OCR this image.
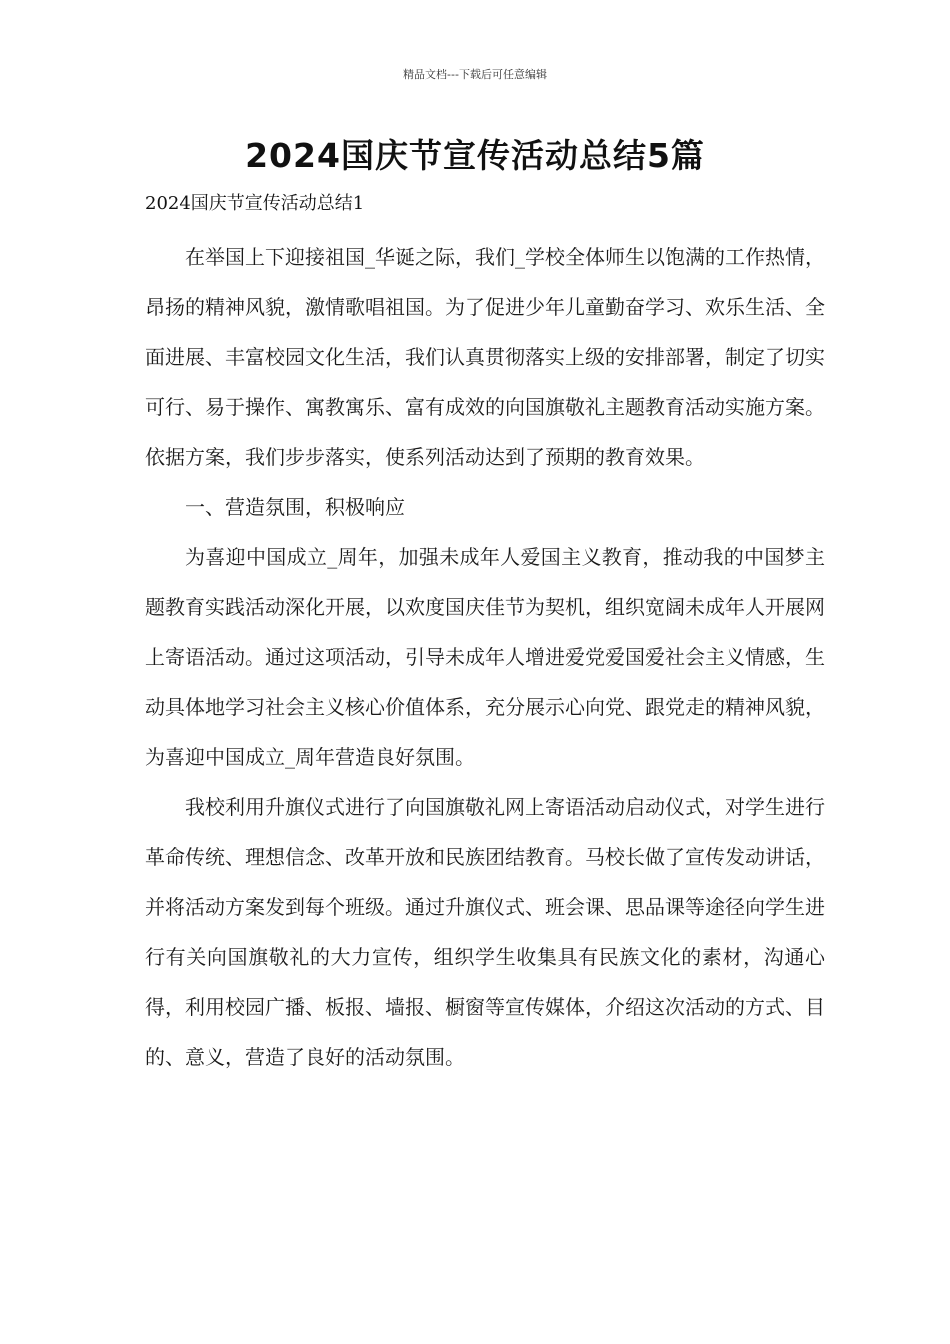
精品文档---下载后可任意编辑
2024国庆节宣传活动总结5篇
2024国庆节宣传活动总结1

在举国上下迎接祖国_华诞之际，我们_学校全体师生以饱满的工作热情，昂扬的精神风貌，激情歌唱祖国。为了促进少年儿童勤奋学习、欢乐生活、全面进展、丰富校园文化生活，我们认真贯彻落实上级的安排部署，制定了切实可行、易于操作、寓教寓乐、富有成效的向国旗敬礼主题教育活动实施方案。依据方案，我们步步落实，使系列活动达到了预期的教育效果。

一、营造氛围，积极响应

为喜迎中国成立_周年，加强未成年人爱国主义教育，推动我的中国梦主题教育实践活动深化开展，以欢度国庆佳节为契机，组织宽阔未成年人开展网上寄语活动。通过这项活动，引导未成年人增进爱党爱国爱社会主义情感，生动具体地学习社会主义核心价值体系，充分展示心向党、跟党走的精神风貌，为喜迎中国成立_周年营造良好氛围。

我校利用升旗仪式进行了向国旗敬礼网上寄语活动启动仪式，对学生进行革命传统、理想信念、改革开放和民族团结教育。马校长做了宣传发动讲话，并将活动方案发到每个班级。通过升旗仪式、班会课、思品课等途径向学生进行有关向国旗敬礼的大力宣传，组织学生收集具有民族文化的素材，沟通心得，利用校园广播、板报、墙报、橱窗等宣传媒体，介绍这次活动的方式、目的、意义，营造了良好的活动氛围。
